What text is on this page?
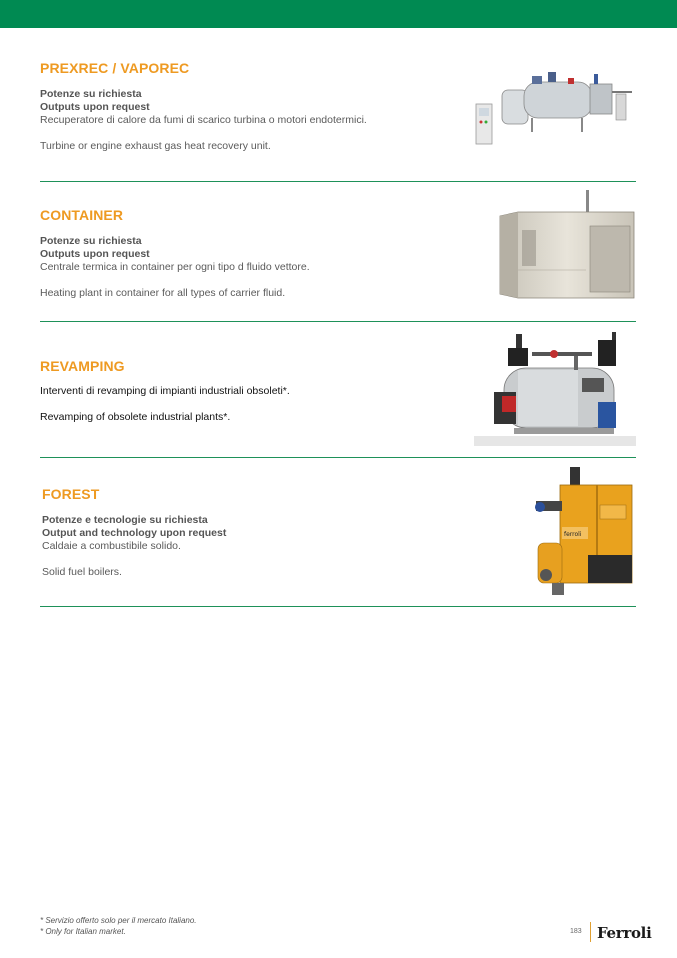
PREXREC / VAPOREC
Potenze su richiesta
Outputs upon request
Recuperatore di calore da fumi di scarico turbina o motori endotermici.
Turbine or engine exhaust gas heat recovery unit.
CONTAINER
Potenze su richiesta
Outputs upon request
Centrale termica in container per ogni tipo d fluido vettore.
Heating plant in container for all types of carrier fluid.
REVAMPING
Interventi di revamping di impianti industriali obsoleti*.
Revamping of obsolete industrial plants*.
FOREST
Potenze e tecnologie su richiesta
Output and technology upon request
Caldaie a combustibile solido.
Solid fuel boilers.
ferroli
* Servizio offerto solo per il mercato Italiano.
* Only for Italian market.	183 Ferroli
